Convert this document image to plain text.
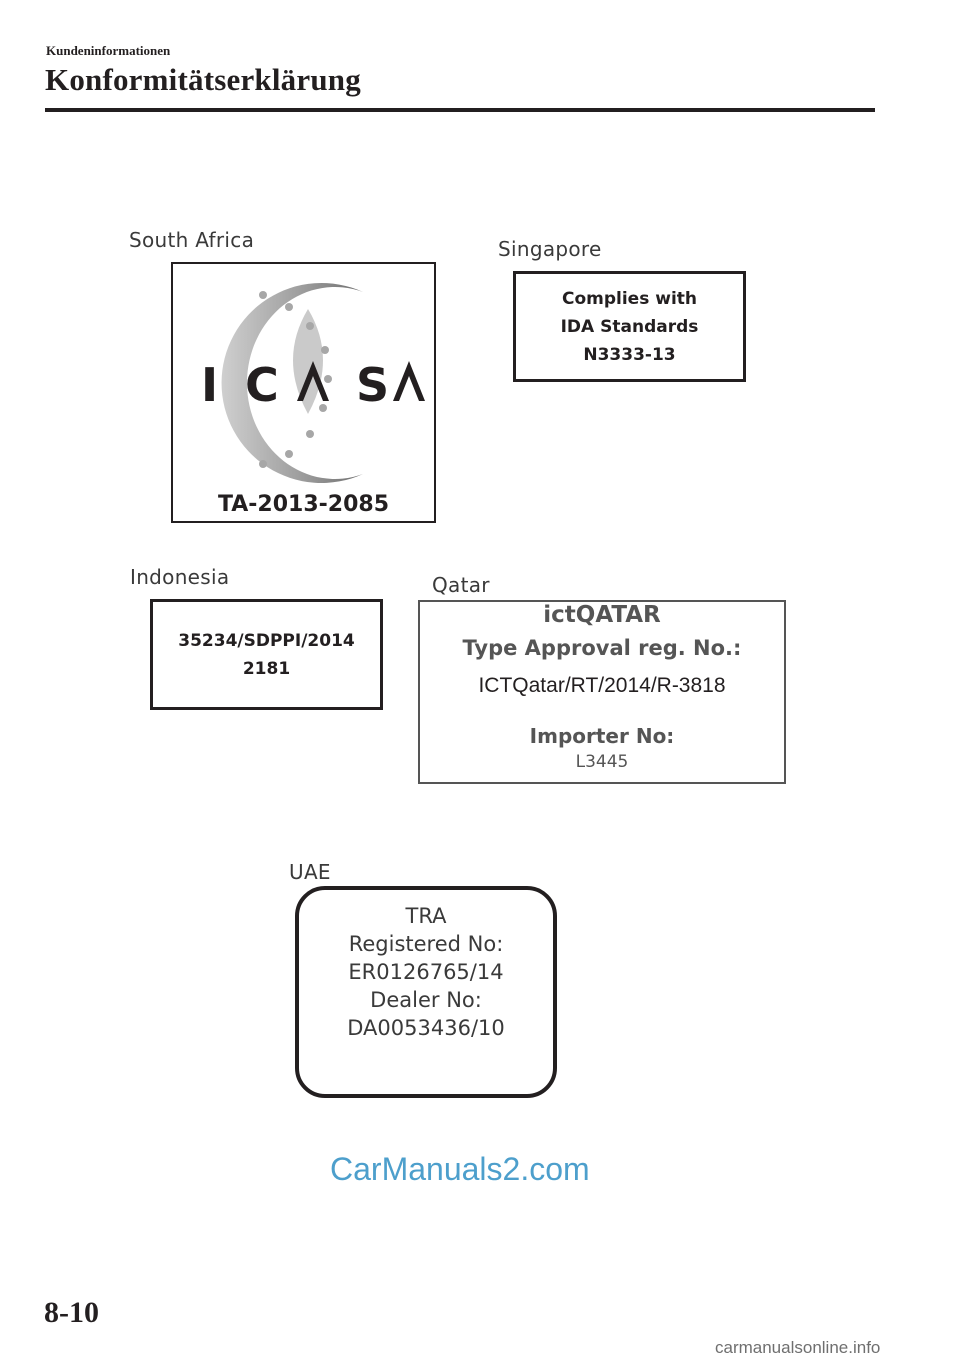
Kundeninformationen
Konformitätserklärung
South Africa
I C S
TA-2013-2085
Singapore
Complies with
IDA Standards
N3333-13
Indonesia
35234/SDPPI/2014
2181
Qatar
ictQATAR
Type Approval reg. No.:
ICTQatar/RT/2014/R-3818
Importer No:
L3445
UAE
TRA
Registered No:
ER0126765/14
Dealer No:
DA0053436/10
CarManuals2.com
8-10
carmanualsonline.info
